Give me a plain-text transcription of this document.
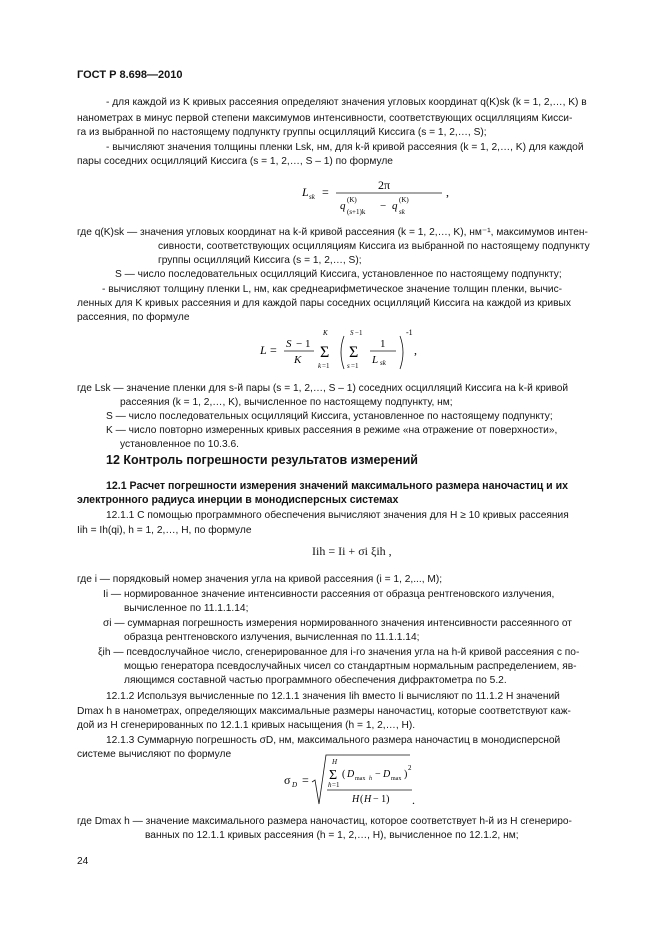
ГОСТ Р 8.698—2010
- для каждой из K кривых рассеяния определяют значения угловых координат q(K)sk (k = 1, 2,…, K) в
нанометрах в минус первой степени максимумов интенсивности, соответствующих осцилляциям Кисси-
га из выбранной по настоящему подпункту группы осцилляций Киссига (s = 1, 2,…, S);
- вычисляют значения толщины пленки Lsk, нм, для k-й кривой рассеяния (k = 1, 2,…, K) для каждой
пары соседних осцилляций Киссига (s = 1, 2,…, S – 1) по формуле
L sk =	2π
q (K)
(s+1)k − q (K)
sk
,
где q(K)sk — значения угловых координат на k-й кривой рассеяния (k = 1, 2,…, K), нм⁻¹, максимумов интен-
сивности, соответствующих осцилляциям Киссига из выбранной по настоящему подпункту
группы осцилляций Киссига (s = 1, 2,…, S);
S — число последовательных осцилляций Киссига, установленное по настоящему подпункту;
- вычисляют толщину пленки L, нм, как среднеарифметическое значение толщин пленки, вычис-
ленных для K кривых рассеяния и для каждой пары соседних осцилляций Киссига на каждой из кривых
рассеяния, по формуле
L = S − 1
K
K
Σ
k =1
S −1
Σ
s =1
1
L sk
-1
,
где Lsk — значение пленки для s-й пары (s = 1, 2,…, S – 1) соседних осцилляций Киссига на k-й кривой
рассеяния (k = 1, 2,…, K), вычисленное по настоящему подпункту, нм;
S — число последовательных осцилляций Киссига, установленное по настоящему подпункту;
K — число повторно измеренных кривых рассеяния в режиме «на отражение от поверхности»,
установленное по 10.3.6.
12 Контроль погрешности результатов измерений
12.1 Расчет погрешности измерения значений максимального размера наночастиц и их
электронного радиуса инерции в монодисперсных системах
12.1.1 С помощью программного обеспечения вычисляют значения для H ≥ 10 кривых рассеяния
Iih = Ih(qi), h = 1, 2,…, H, по формуле
Iih = Ii + σi ξih ,
где i — порядковый номер значения угла на кривой рассеяния (i = 1, 2,..., M);
Ii — нормированное значение интенсивности рассеяния от образца рентгеновского излучения,
вычисленное по 11.1.1.14;
σi — суммарная погрешность измерения нормированного значения интенсивности рассеянного от
образца рентгеновского излучения, вычисленная по 11.1.1.14;
ξih — псевдослучайное число, сгенерированное для i-го значения угла на h-й кривой рассеяния с по-
мощью генератора псевдослучайных чисел со стандартным нормальным распределением, яв-
ляющимся составной частью программного обеспечения дифрактометра по 5.2.
12.1.2 Используя вычисленные по 12.1.1 значения Iih вместо Ii вычисляют по 11.1.2 H значений
Dmax h в нанометрах, определяющих максимальные размеры наночастиц, которые соответствуют каж-
дой из H сгенерированных по 12.1.1 кривых насыщения (h = 1, 2,…, H).
12.1.3 Суммарную погрешность σD, нм, максимального размера наночастиц в монодисперсной
системе вычисляют по формуле
σ D =
H
Σ
h =1
( D max h − D max )
2
H ( H − 1) .
где Dmax h — значение максимального размера наночастиц, которое соответствует h-й из H сгенериро-
ванных по 12.1.1 кривых рассеяния (h = 1, 2,…, H), вычисленное по 12.1.2, нм;
24
